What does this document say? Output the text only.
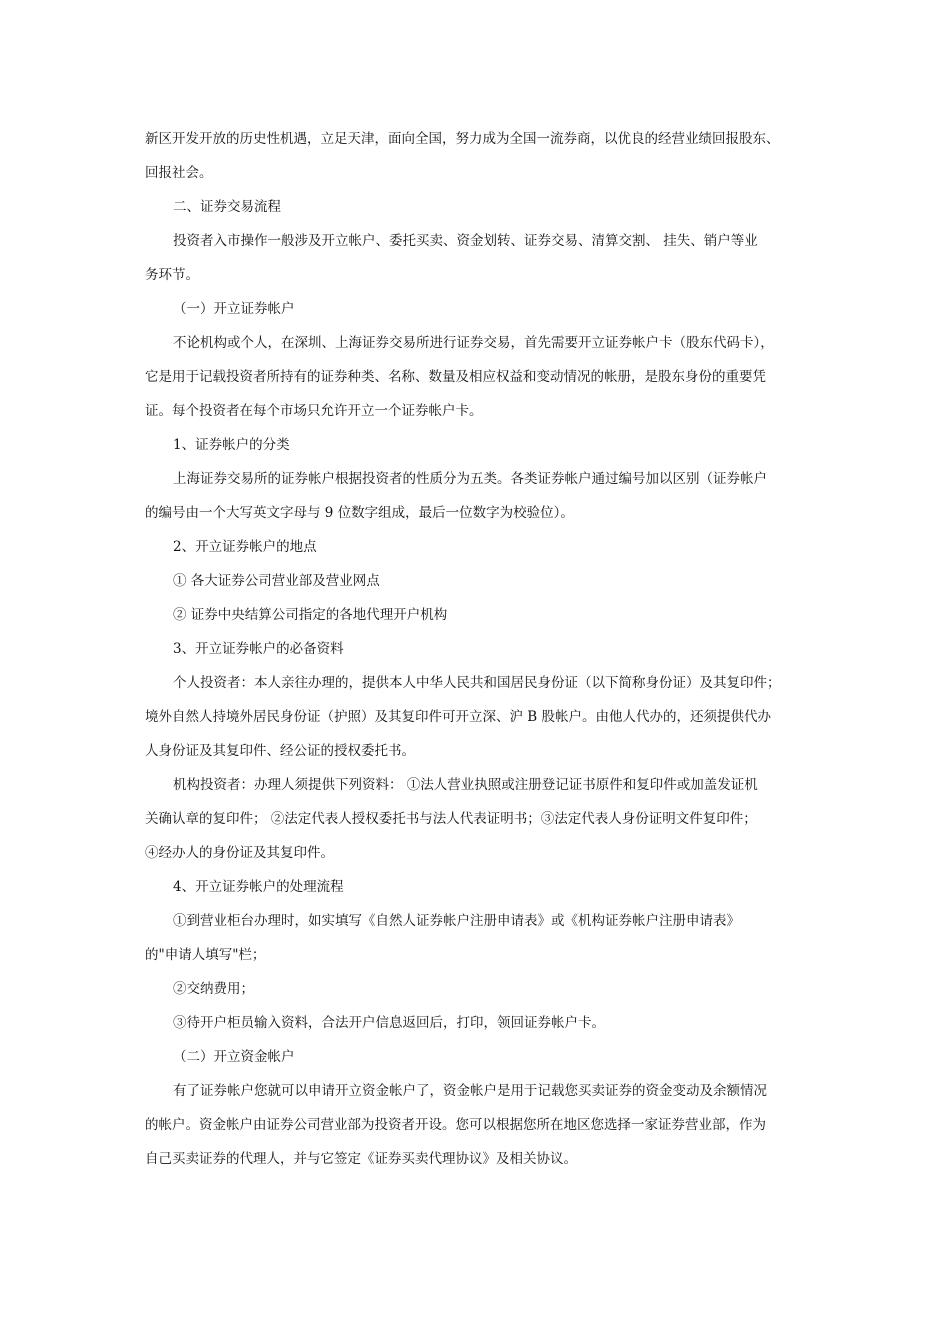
新区开发开放的历史性机遇，立足天津，面向全国，努力成为全国一流券商，以优良的经营业绩回报股东、
回报社会。
二、证券交易流程
投资者入市操作一般涉及开立帐户、委托买卖、资金划转、证券交易、清算交割、 挂失、销户等业
务环节。
（一）开立证券帐户
不论机构或个人，在深圳、上海证券交易所进行证券交易，首先需要开立证券帐户卡（股东代码卡），
它是用于记载投资者所持有的证券种类、名称、数量及相应权益和变动情况的帐册，是股东身份的重要凭
证。每个投资者在每个市场只允许开立一个证券帐户卡。
1、证券帐户的分类
上海证券交易所的证券帐户根据投资者的性质分为五类。各类证券帐户通过编号加以区别（证券帐户
的编号由一个大写英文字母与 9 位数字组成，最后一位数字为校验位）。
2、开立证券帐户的地点
① 各大证券公司营业部及营业网点
② 证券中央结算公司指定的各地代理开户机构
3、开立证券帐户的必备资料
个人投资者：本人亲往办理的，提供本人中华人民共和国居民身份证（以下简称身份证）及其复印件；
境外自然人持境外居民身份证（护照）及其复印件可开立深、沪 B 股帐户。由他人代办的，还须提供代办
人身份证及其复印件、经公证的授权委托书。
机构投资者：办理人须提供下列资料： ①法人营业执照或注册登记证书原件和复印件或加盖发证机
关确认章的复印件； ②法定代表人授权委托书与法人代表证明书；③法定代表人身份证明文件复印件；
④经办人的身份证及其复印件。
4、开立证券帐户的处理流程
①到营业柜台办理时，如实填写《自然人证券帐户注册申请表》或《机构证券帐户注册申请表》
的"申请人填写"栏；
②交纳费用；
③待开户柜员输入资料，合法开户信息返回后，打印，领回证券帐户卡。
（二）开立资金帐户
有了证券帐户您就可以申请开立资金帐户了，资金帐户是用于记载您买卖证券的资金变动及余额情况
的帐户。资金帐户由证券公司营业部为投资者开设。您可以根据您所在地区您选择一家证券营业部，作为
自己买卖证券的代理人，并与它签定《证券买卖代理协议》及相关协议。
